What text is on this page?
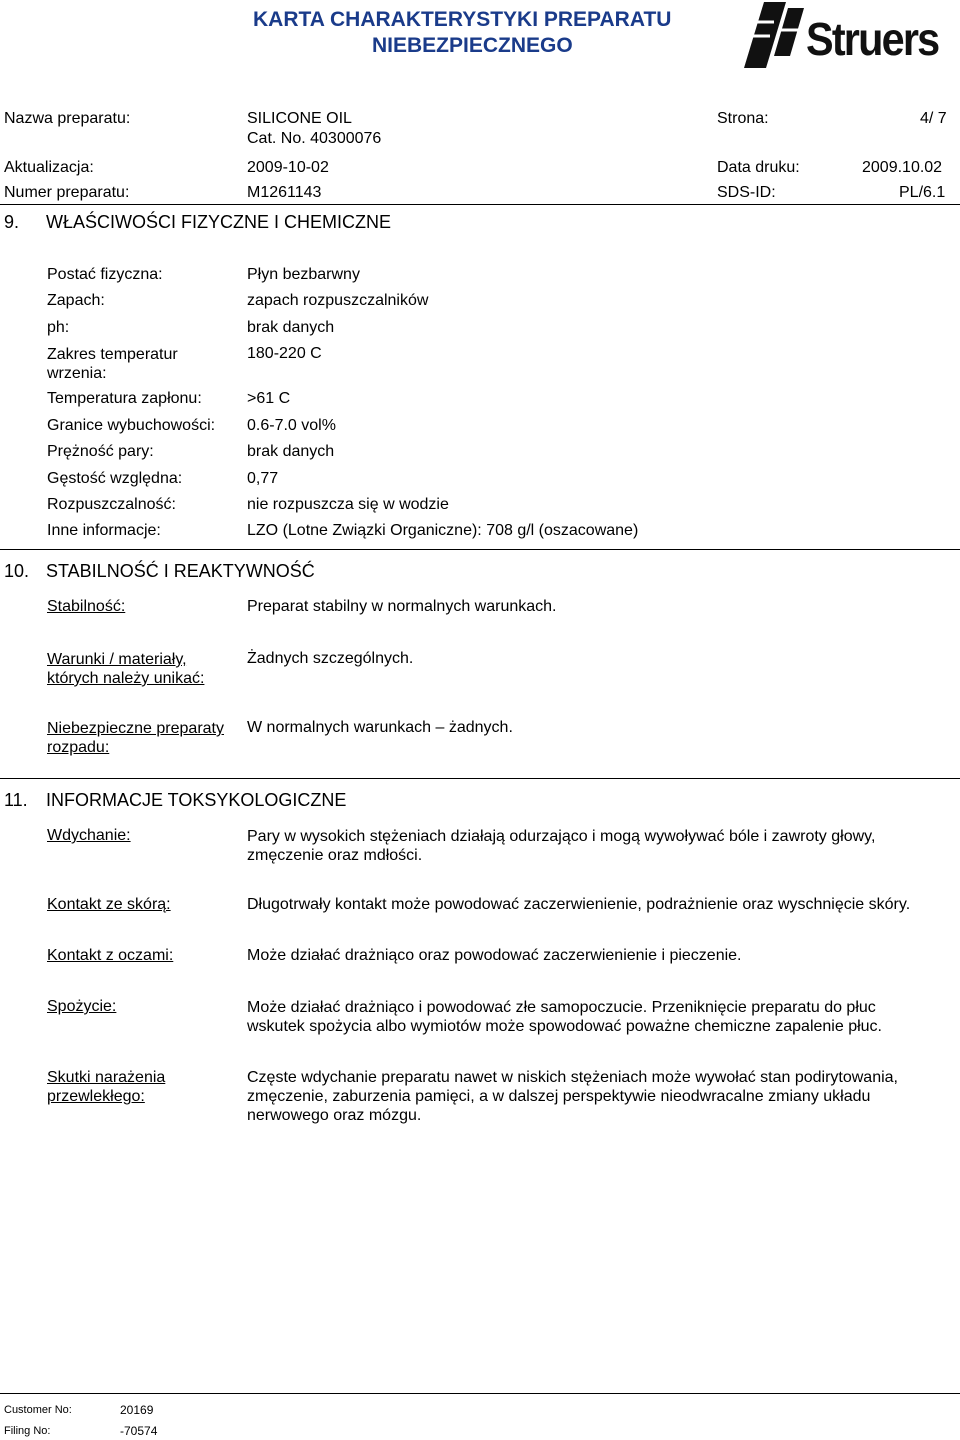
KARTA CHARAKTERYSTYKI PREPARATU
NIEBEZPIECZNEGO	Struers
Nazwa preparatu:	SILICONE OIL
Cat. No. 40300076
Strona:	4/ 7
Aktualizacja:	2009-10-02	Data druku:	2009.10.02
Numer preparatu:	M1261143	SDS-ID:	PL/6.1
9. WŁAŚCIWOŚCI FIZYCZNE I CHEMICZNE
Postać fizyczna:	Płyn bezbarwny
Zapach:	zapach rozpuszczalników
ph:	brak danych
Zakres temperatur wrzenia:
180-220 C
Temperatura zapłonu:	>61 C
Granice wybuchowości: 0.6-7.0 vol%
Prężność pary:	brak danych
Gęstość względna:	0,77
Rozpuszczalność:	nie rozpuszcza się w wodzie
Inne informacje:	LZO (Lotne Związki Organiczne): 708 g/l (oszacowane)
10. STABILNOŚĆ I REAKTYWNOŚĆ
Stabilność:	Preparat stabilny w normalnych warunkach.
Warunki / materiały, których należy unikać:
Żadnych szczególnych.
Niebezpieczne preparaty rozpadu:
W normalnych warunkach – żadnych.
11. INFORMACJE TOKSYKOLOGICZNE
Wdychanie:	Pary w wysokich stężeniach działają odurzająco i mogą wywoływać bóle i zawroty głowy, zmęczenie oraz mdłości.
Kontakt ze skórą:	Długotrwały kontakt może powodować zaczerwienienie, podrażnienie oraz wyschnięcie skóry.
Kontakt z oczami:	Może działać drażniąco oraz powodować zaczerwienienie i pieczenie.
Spożycie:	Może działać drażniąco i powodować złe samopoczucie. Przeniknięcie preparatu do płuc wskutek spożycia albo wymiotów może spowodować poważne chemiczne zapalenie płuc.
Skutki narażenia przewlekłego:
Częste wdychanie preparatu nawet w niskich stężeniach może wywołać stan podirytowania, zmęczenie, zaburzenia pamięci, a w dalszej perspektywie nieodwracalne zmiany układu nerwowego oraz mózgu.
Customer No:	20169
Filing No:	-70574
